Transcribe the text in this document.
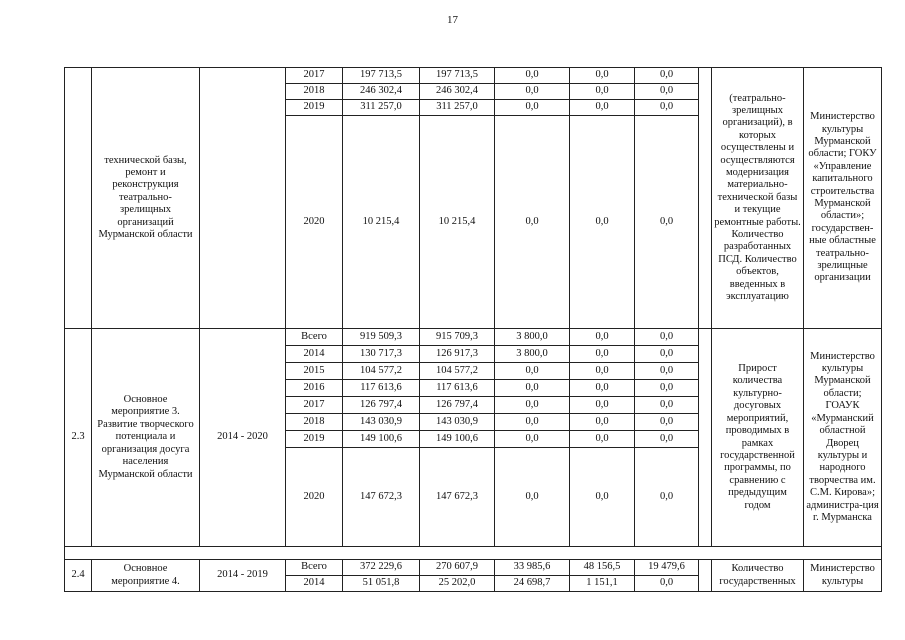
17
	технической базы, ремонт и реконструкция театрально-зрелищных организаций Мурманской области		2017	197 713,5	197 713,5	0,0	0,0	0,0		(театрально-зрелищных организаций), в которых осуществлены и осуществляются модернизация материально-технической базы и текущие ремонтные работы. Количество разработанных ПСД. Количество объектов, введенных в эксплуатацию	Министерство культуры Мурманской области; ГОКУ «Управление капитального строительства Мурманской области»; государствен-ные областные театрально-зрелищные организации
			2018	246 302,4	246 302,4	0,0	0,0	0,0			
			2019	311 257,0	311 257,0	0,0	0,0	0,0			
			2020	10 215,4	10 215,4	0,0	0,0	0,0			
2.3	Основное мероприятие 3. Развитие творческого потенциала и организация досуга населения Мурманской области	2014 - 2020	Всего	919 509,3	915 709,3	3 800,0	0,0	0,0		Прирост количества культурно-досуговых мероприятий, проводимых в рамках государственной программы, по сравнению с предыдущим годом	Министерство культуры Мурманской области; ГОАУК «Мурманский областной Дворец культуры и народного творчества им. С.М. Кирова»; администра-ция г. Мурманска
			2014	130 717,3	126 917,3	3 800,0	0,0	0,0			
			2015	104 577,2	104 577,2	0,0	0,0	0,0			
			2016	117 613,6	117 613,6	0,0	0,0	0,0			
			2017	126 797,4	126 797,4	0,0	0,0	0,0			
			2018	143 030,9	143 030,9	0,0	0,0	0,0			
			2019	149 100,6	149 100,6	0,0	0,0	0,0			
			2020	147 672,3	147 672,3	0,0	0,0	0,0			

2.4	Основное мероприятие 4.	2014 - 2019	Всего	372 229,6	270 607,9	33 985,6	48 156,5	19 479,6		Количество государственных	Министерство культуры
			2014	51 051,8	25 202,0	24 698,7	1 151,1	0,0			
